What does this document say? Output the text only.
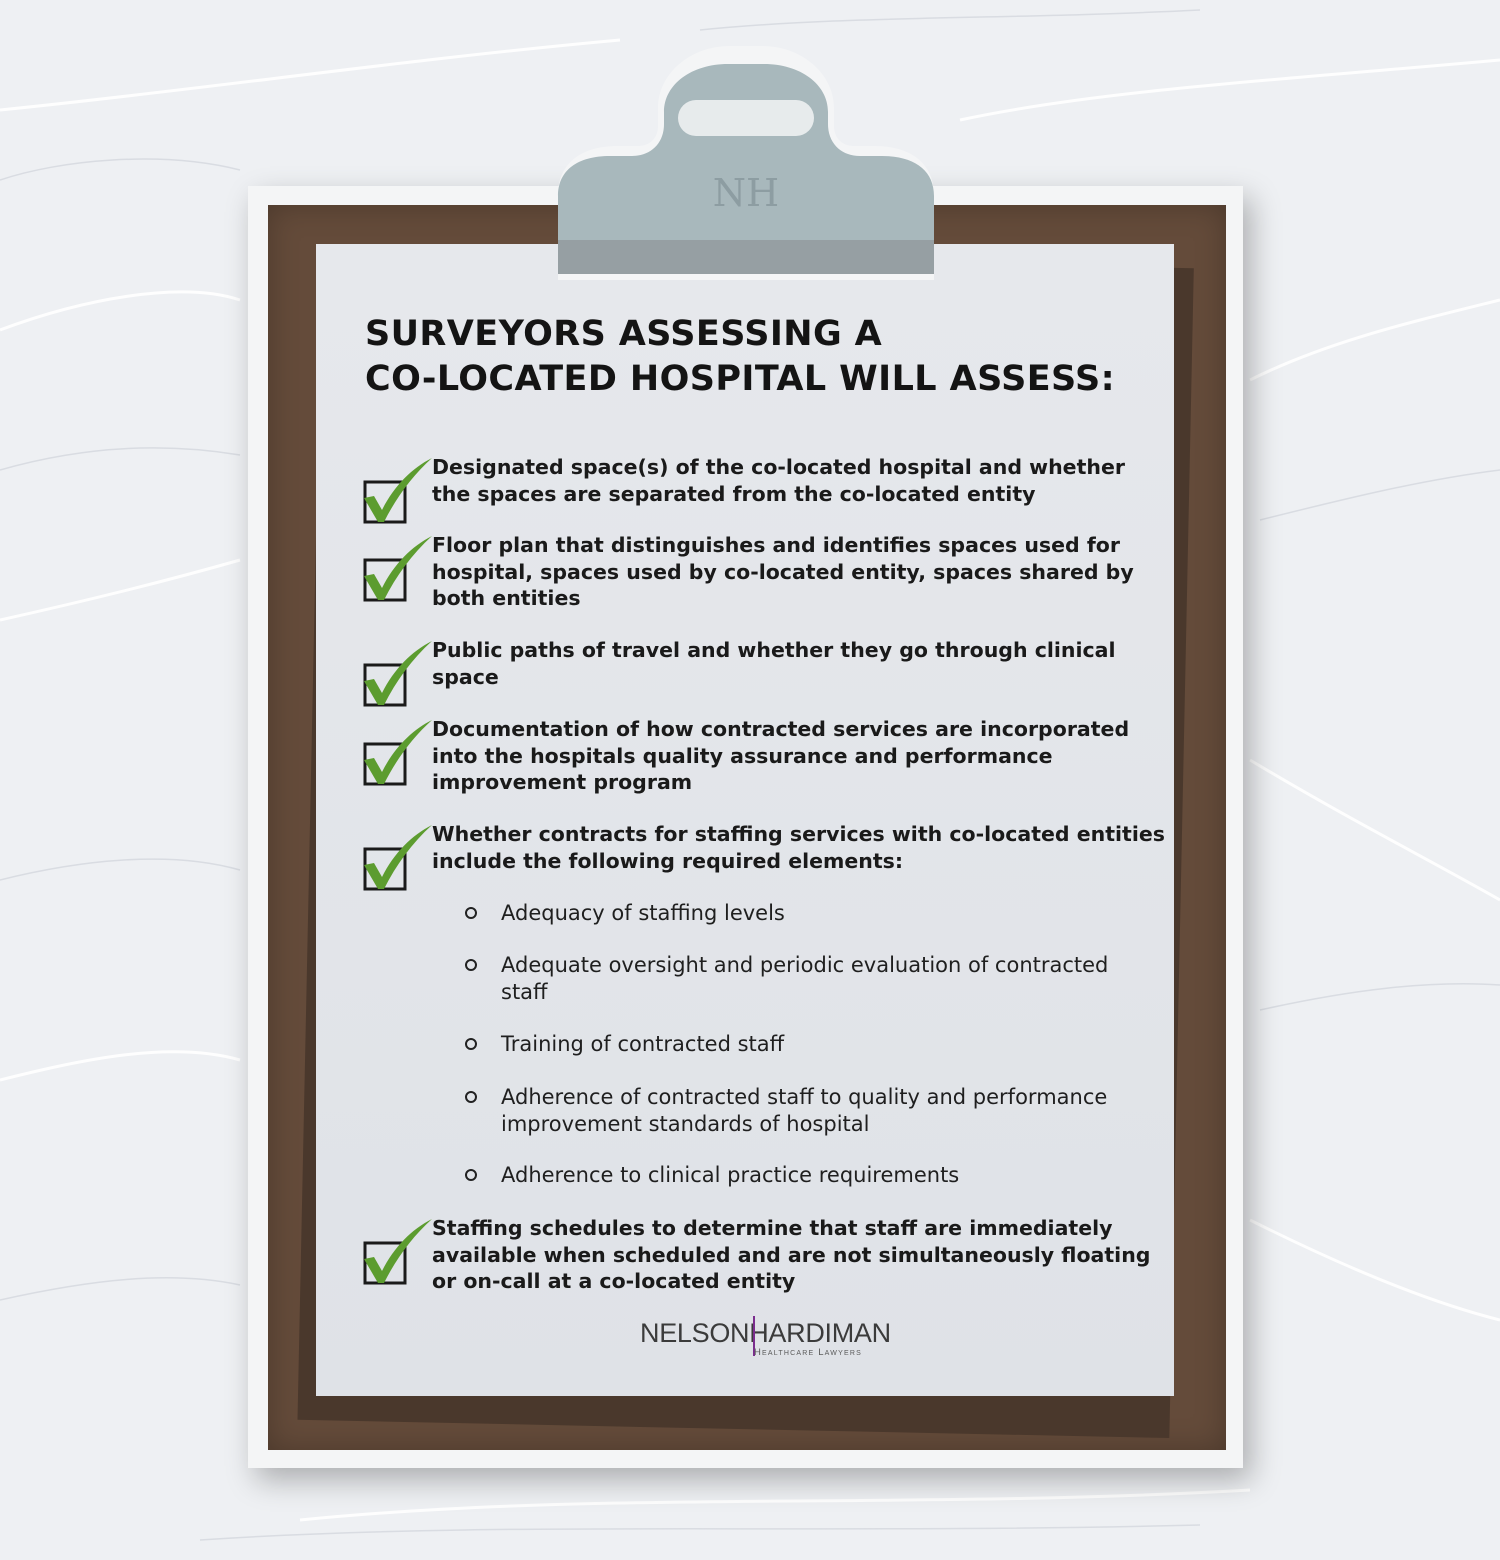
NH
SURVEYORS ASSESSING A
CO-LOCATED HOSPITAL WILL ASSESS:

Designated space(s) of the co-located hospital and whether the spaces are separated from the co-located entity

Floor plan that distinguishes and identifies spaces used for hospital, spaces used by co-located entity, spaces shared by both entities

Public paths of travel and whether they go through clinical space

Documentation of how contracted services are incorporated into the hospitals quality assurance and performance improvement program

Whether contracts for staffing services with co-located entities include the following required elements:

Adequacy of staffing levels

Adequate oversight and periodic evaluation of contracted staff

Training of contracted staff

Adherence of contracted staff to quality and performance improvement standards of hospital

Adherence to clinical practice requirements

Staffing schedules to determine that staff are immediately available when scheduled and are not simultaneously floating or on-call at a co-located entity

NELSONHARDIMAN
Healthcare Lawyers
